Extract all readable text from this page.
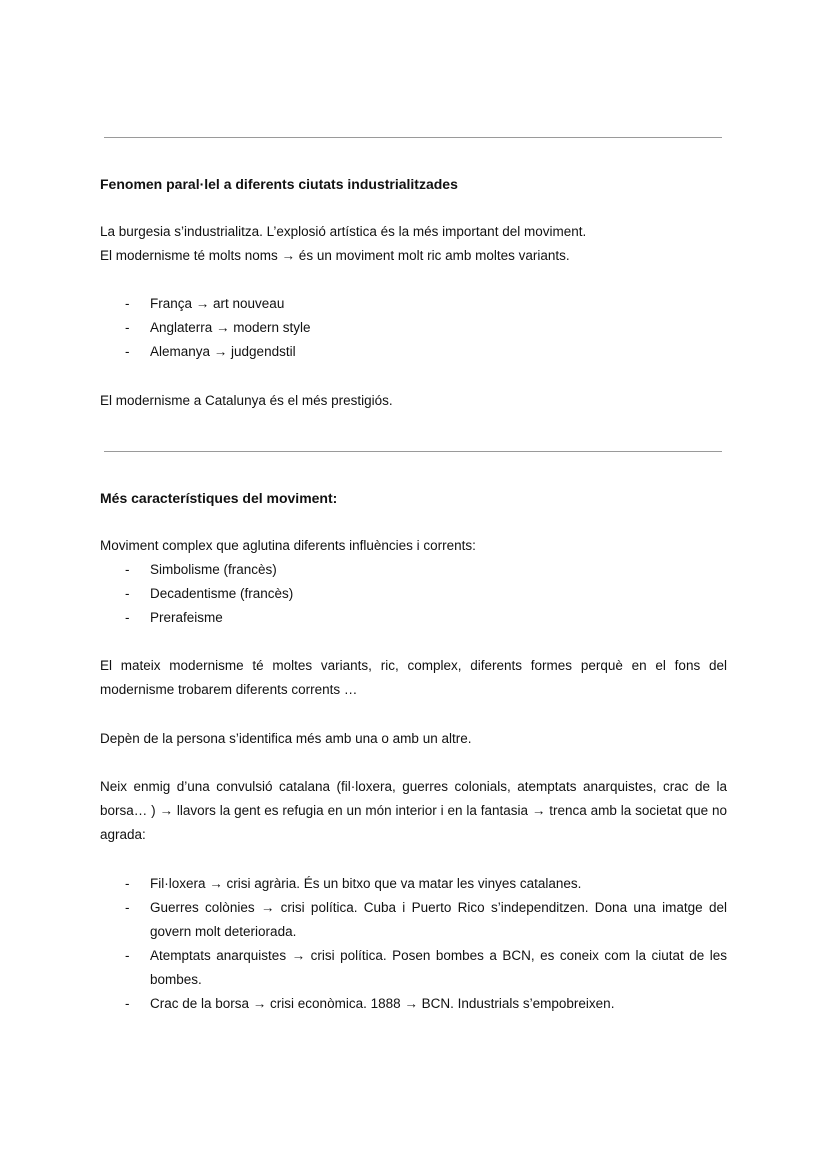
Fenomen paral·lel a diferents ciutats industrialitzades

La burgesia s’industrialitza. L’explosió artística és la més important del moviment.

El modernisme té molts noms → és un moviment molt ric amb moltes variants.

- França → art nouveau
- Anglaterra → modern style
- Alemanya → judgendstil

El modernisme a Catalunya és el més prestigiós.

Més característiques del moviment:

Moviment complex que aglutina diferents influències i corrents:

- Simbolisme (francès)
- Decadentisme (francès)
- Prerafeisme

El mateix modernisme té moltes variants, ric, complex, diferents formes perquè en el fons del modernisme trobarem diferents corrents …

Depèn de la persona s’identifica més amb una o amb un altre.

Neix enmig d’una convulsió catalana (fil·loxera, guerres colonials, atemptats anarquistes, crac de la borsa… ) → llavors la gent es refugia en un món interior i en la fantasia → trenca amb la societat que no agrada:

- Fil·loxera → crisi agrària. És un bitxo que va matar les vinyes catalanes.
- Guerres colònies → crisi política. Cuba i Puerto Rico s’independitzen. Dona una imatge del govern molt deteriorada.
- Atemptats anarquistes → crisi política. Posen bombes a BCN, es coneix com la ciutat de les bombes.
- Crac de la borsa → crisi econòmica. 1888 → BCN. Industrials s’empobreixen.
